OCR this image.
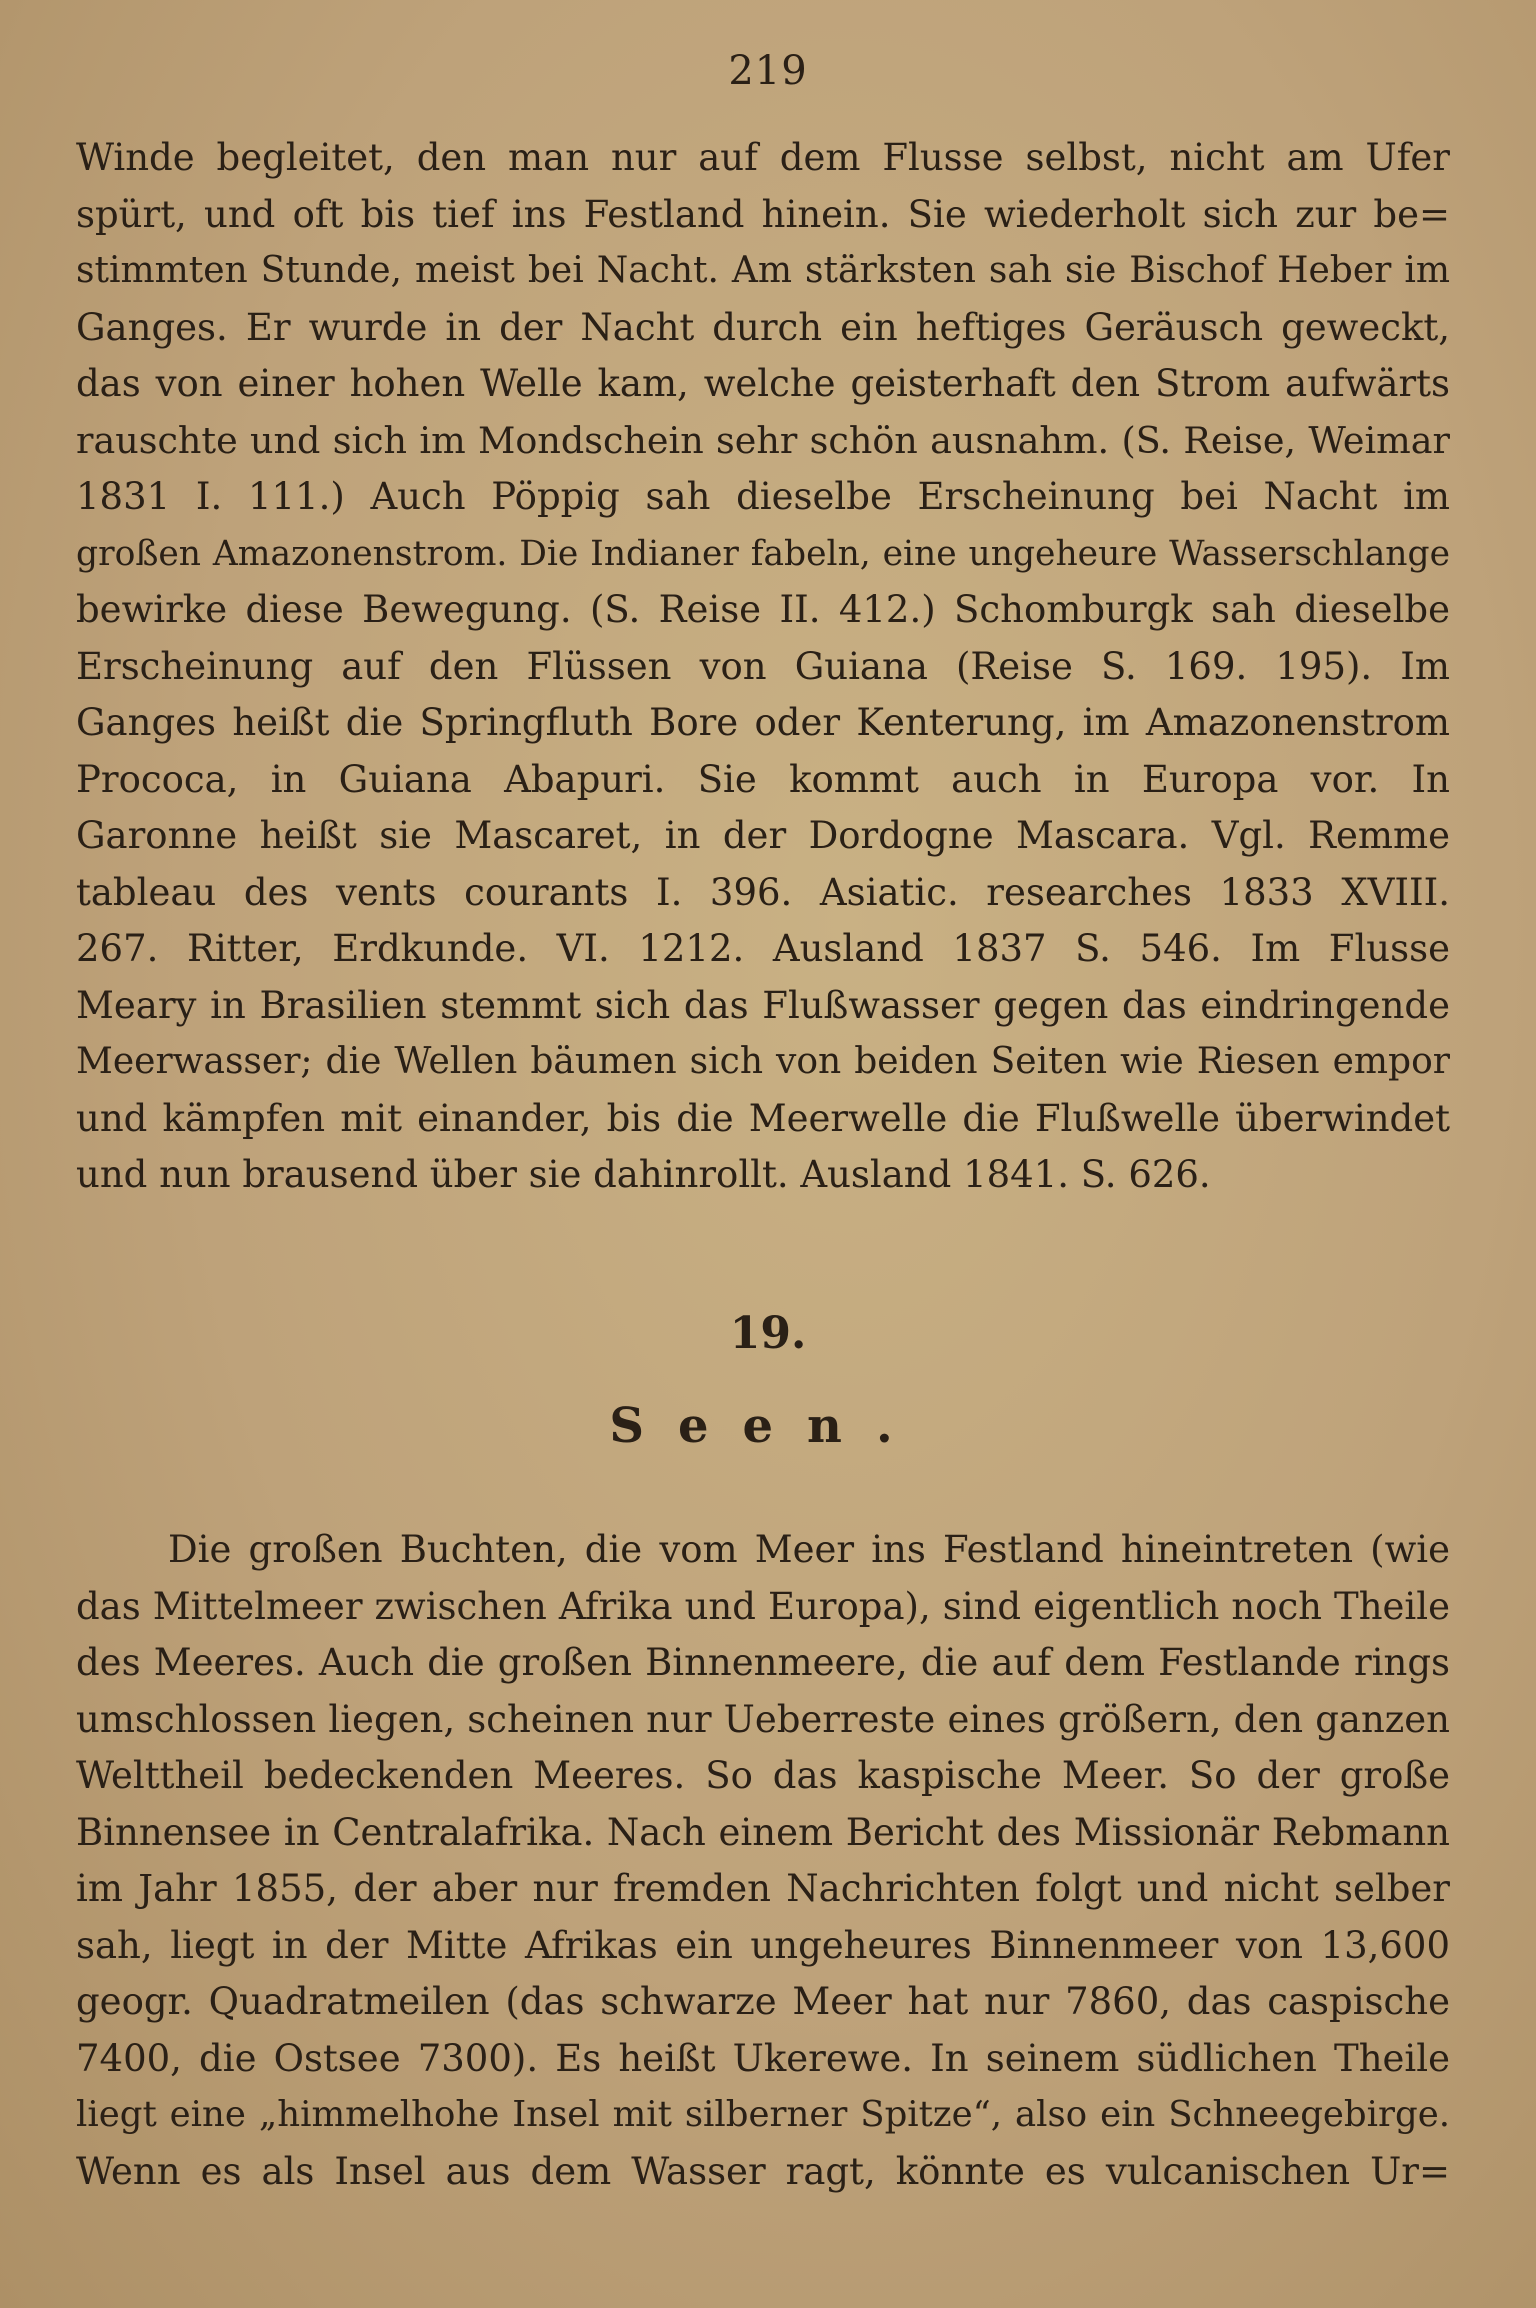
219
Winde begleitet, den man nur auf dem Flusse selbst, nicht am Ufer
spürt, und oft bis tief ins Festland hinein. Sie wiederholt sich zur be=
stimmten Stunde, meist bei Nacht. Am stärksten sah sie Bischof Heber im
Ganges. Er wurde in der Nacht durch ein heftiges Geräusch geweckt,
das von einer hohen Welle kam, welche geisterhaft den Strom aufwärts
rauschte und sich im Mondschein sehr schön ausnahm. (S. Reise, Weimar
1831 I. 111.) Auch Pöppig sah dieselbe Erscheinung bei Nacht im
großen Amazonenstrom. Die Indianer fabeln, eine ungeheure Wasserschlange
bewirke diese Bewegung. (S. Reise II. 412.) Schomburgk sah dieselbe
Erscheinung auf den Flüssen von Guiana (Reise S. 169. 195). Im
Ganges heißt die Springfluth Bore oder Kenterung, im Amazonenstrom
Procoса, in Guiana Abapuri. Sie kommt auch in Europa vor. In
Garonne heißt sie Mascaret, in der Dordogne Mascara. Vgl. Remme
tableau des vents courants I. 396. Asiatic. researches 1833 XVIII.
267. Ritter, Erdkunde. VI. 1212. Ausland 1837 S. 546. Im Flusse
Meary in Brasilien stemmt sich das Flußwasser gegen das eindringende
Meerwasser; die Wellen bäumen sich von beiden Seiten wie Riesen empor
und kämpfen mit einander, bis die Meerwelle die Flußwelle überwindet
und nun brausend über sie dahinrollt. Ausland 1841. S. 626.
19.
Seen.
Die großen Buchten, die vom Meer ins Festland hineintreten (wie
das Mittelmeer zwischen Afrika und Europa), sind eigentlich noch Theile
des Meeres. Auch die großen Binnenmeere, die auf dem Festlande rings
umschlossen liegen, scheinen nur Ueberreste eines größern, den ganzen
Welttheil bedeckenden Meeres. So das kaspische Meer. So der große
Binnensee in Centralafrika. Nach einem Bericht des Missionär Rebmann
im Jahr 1855, der aber nur fremden Nachrichten folgt und nicht selber
sah, liegt in der Mitte Afrikas ein ungeheures Binnenmeer von 13,600
geogr. Quadratmeilen (das schwarze Meer hat nur 7860, das caspische
7400, die Ostsee 7300). Es heißt Ukerewe. In seinem südlichen Theile
liegt eine „himmelhohe Insel mit silberner Spitze“, also ein Schneegebirge.
Wenn es als Insel aus dem Wasser ragt, könnte es vulcanischen Ur=
